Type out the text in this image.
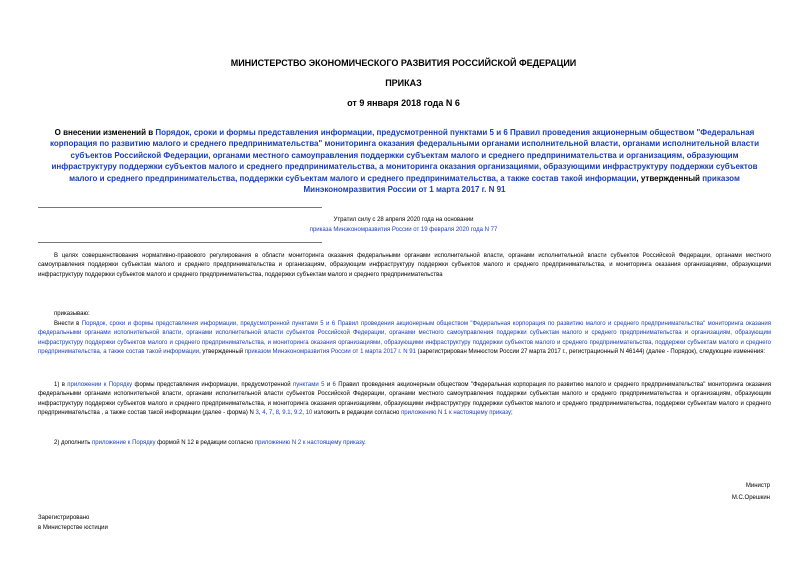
МИНИСТЕРСТВО ЭКОНОМИЧЕСКОГО РАЗВИТИЯ РОССИЙСКОЙ ФЕДЕРАЦИИ
ПРИКАЗ
от 9 января 2018 года N 6
О внесении изменений в Порядок, сроки и формы представления информации, предусмотренной пунктами 5 и 6 Правил проведения акционерным обществом "Федеральная корпорация по развитию малого и среднего предпринимательства" мониторинга оказания федеральными органами исполнительной власти, органами исполнительной власти субъектов Российской Федерации, органами местного самоуправления поддержки субъектам малого и среднего предпринимательства и организациям, образующим инфраструктуру поддержки субъектов малого и среднего предпринимательства, а мониторинга оказания организациями, образующими инфраструктуру поддержки субъектов малого и среднего предпринимательства, поддержки субъектам малого и среднего предпринимательства, а также состав такой информации, утвержденный приказом Минэкономразвития России от 1 марта 2017 г. N 91
Утратил силу с 28 апреля 2020 года на основании
приказа Минэкономразвития России от 19 февраля 2020 года N 77
В целях совершенствования нормативно-правового регулирования в области мониторинга оказания федеральными органами исполнительной власти, органами исполнительной власти субъектов Российской Федерации, органами местного самоуправления поддержки субъектам малого и среднего предпринимательства и организациям, образующим инфраструктуру поддержки субъектов малого и среднего предпринимательства, и мониторинга оказания организациями, образующими инфраструктуру поддержки субъектов малого и среднего предпринимательства, поддержки субъектам малого и среднего предпринимательства
приказываю:
Внести в Порядок, сроки и формы представления информации, предусмотренной пунктами 5 и 6 Правил проведения акционерным обществом "Федеральная корпорация по развитию малого и среднего предпринимательства" мониторинга оказания федеральными органами исполнительной власти, органами исполнительной власти субъектов Российской Федерации, органами местного самоуправления поддержки субъектам малого и среднего предпринимательства и организациям, образующим инфраструктуру поддержки субъектов малого и среднего предпринимательства, и мониторинга оказания организациями, образующими инфраструктуру поддержки субъектов малого и среднего предпринимательства, поддержки субъектам малого и среднего предпринимательства, а также состав такой информации, утвержденный приказом Минэкономразвития России от 1 марта 2017 г. N 91 (зарегистрирован Минюстом России 27 марта 2017 г., регистрационный N 46144) (далее - Порядок), следующие изменения:
1) в приложении к Порядку формы представления информации, предусмотренной пунктами 5 и 6 Правил проведения акционерным обществом "Федеральная корпорация по развитию малого и среднего предпринимательства" мониторинга оказания федеральными органами исполнительной власти, органами исполнительной власти субъектов Российской Федерации, органами местного самоуправления поддержки субъектам малого и среднего предпринимательства и организациям, образующим инфраструктуру поддержки субъектов малого и среднего предпринимательства, и мониторинга оказания организациями, образующими инфраструктуру поддержки субъектов малого и среднего предпринимательства, поддержки субъектам малого и среднего предпринимательства , а также состав такой информации (далее - форма) N 3, 4, 7, 8, 9.1, 9.2, 10 изложить в редакции согласно приложению N 1 к настоящему приказу;
2) дополнить приложение к Порядку формой N 12 в редакции согласно приложению N 2 к настоящему приказу.
Министр
М.С.Орешкин
Зарегистрировано
в Министерстве юстиции
